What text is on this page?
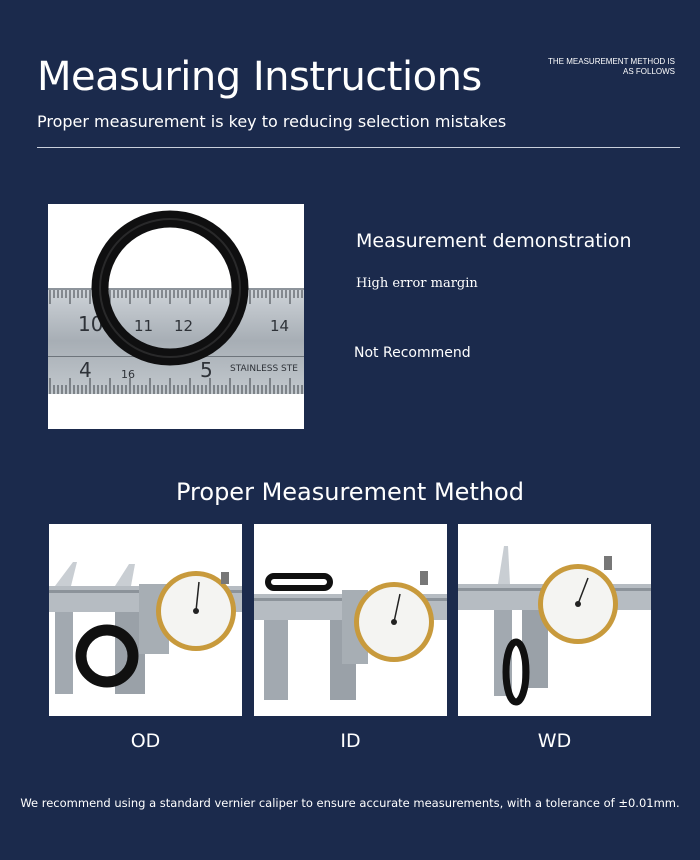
Measuring Instructions
Proper measurement is key to reducing selection mistakes
THE MEASUREMENT METHOD IS AS FOLLOWS
10 11 12	14
4	16	5 STAINLESS STE
Measurement demonstration
High error margin
Not Recommend
Proper Measurement Method
OD	ID	WD
We recommend using a standard vernier caliper to ensure accurate measurements, with a tolerance of ±0.01mm.
